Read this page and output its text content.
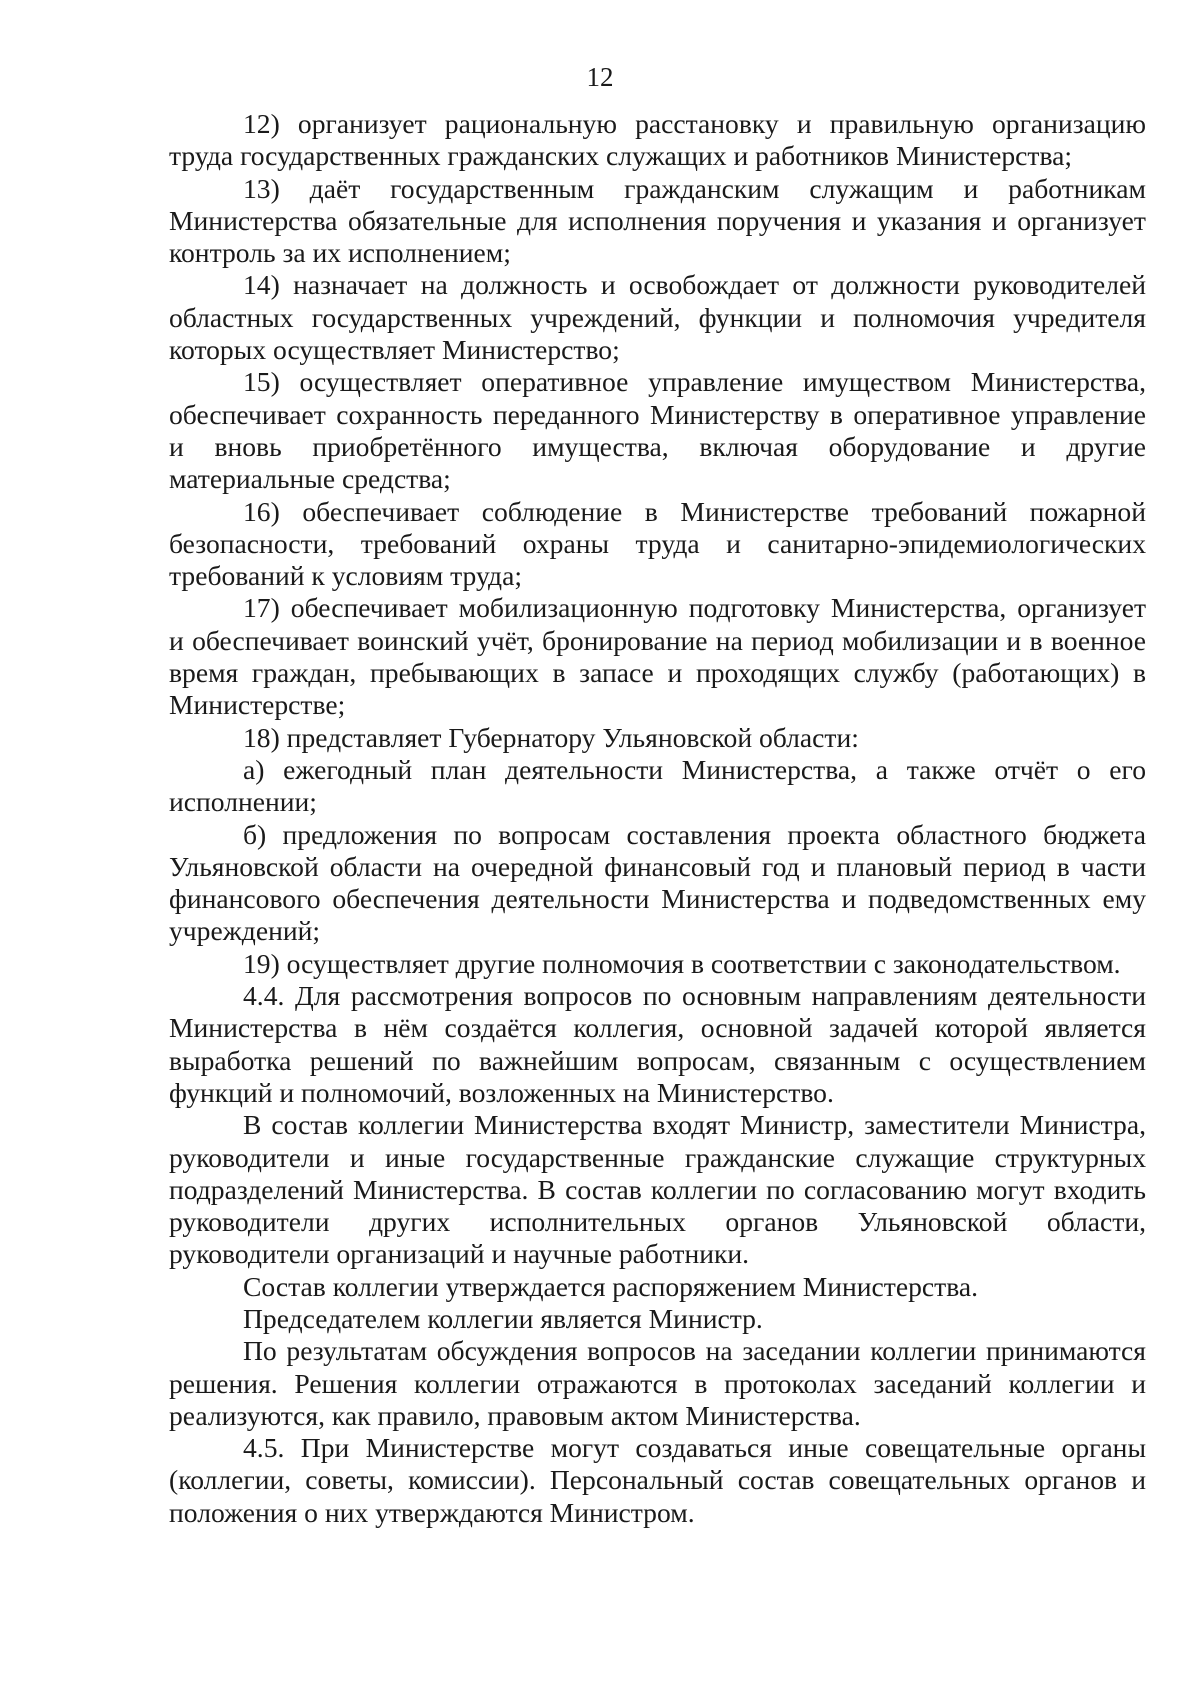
12

12) организует рациональную расстановку и правильную организацию труда государственных гражданских служащих и работников Министерства;

13) даёт государственным гражданским служащим и работникам Министерства обязательные для исполнения поручения и указания и организует контроль за их исполнением;

14) назначает на должность и освобождает от должности руководителей областных государственных учреждений, функции и полномочия учредителя которых осуществляет Министерство;

15) осуществляет оперативное управление имуществом Министерства, обеспечивает сохранность переданного Министерству в оперативное управление и вновь приобретённого имущества, включая оборудование и другие материальные средства;

16) обеспечивает соблюдение в Министерстве требований пожарной безопасности, требований охраны труда и санитарно-эпидемиологических требований к условиям труда;

17) обеспечивает мобилизационную подготовку Министерства, организует и обеспечивает воинский учёт, бронирование на период мобилизации и в военное время граждан, пребывающих в запасе и проходящих службу (работающих) в Министерстве;

18) представляет Губернатору Ульяновской области:

а) ежегодный план деятельности Министерства, а также отчёт о его исполнении;

б) предложения по вопросам составления проекта областного бюджета Ульяновской области на очередной финансовый год и плановый период в части финансового обеспечения деятельности Министерства и подведомственных ему учреждений;

19) осуществляет другие полномочия в соответствии с законодательством.

4.4. Для рассмотрения вопросов по основным направлениям деятельности Министерства в нём создаётся коллегия, основной задачей которой является выработка решений по важнейшим вопросам, связанным с осуществлением функций и полномочий, возложенных на Министерство.

В состав коллегии Министерства входят Министр, заместители Министра, руководители и иные государственные гражданские служащие структурных подразделений Министерства. В состав коллегии по согласованию могут входить руководители других исполнительных органов Ульяновской области, руководители организаций и научные работники.

Состав коллегии утверждается распоряжением Министерства.

Председателем коллегии является Министр.

По результатам обсуждения вопросов на заседании коллегии принимаются решения. Решения коллегии отражаются в протоколах заседаний коллегии и реализуются, как правило, правовым актом Министерства.

4.5. При Министерстве могут создаваться иные совещательные органы (коллегии, советы, комиссии). Персональный состав совещательных органов и положения о них утверждаются Министром.
